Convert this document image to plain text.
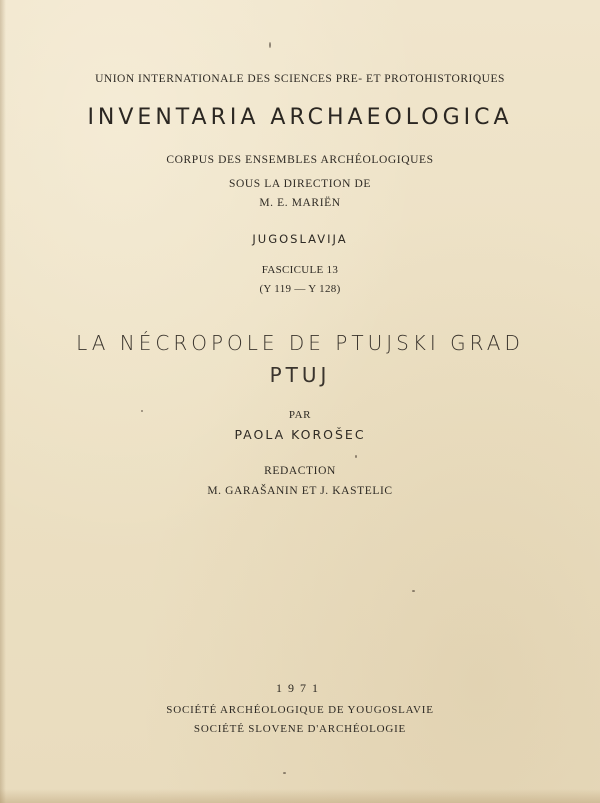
UNION INTERNATIONALE DES SCIENCES PRE- ET PROTOHISTORIQUES
INVENTARIA ARCHAEOLOGICA
CORPUS DES ENSEMBLES ARCHÉOLOGIQUES
SOUS LA DIRECTION DE
M. E. MARIËN
JUGOSLAVIJA
FASCICULE 13
(Y 119 — Y 128)
LA NÉCROPOLE DE PTUJSKI GRAD
PTUJ
PAR
PAOLA KOROŠEC
REDACTION
M. GARAŠANIN ET J. KASTELIC
1971
SOCIÉTÉ ARCHÉOLOGIQUE DE YOUGOSLAVIE
SOCIÉTÉ SLOVENE D'ARCHÉOLOGIE
